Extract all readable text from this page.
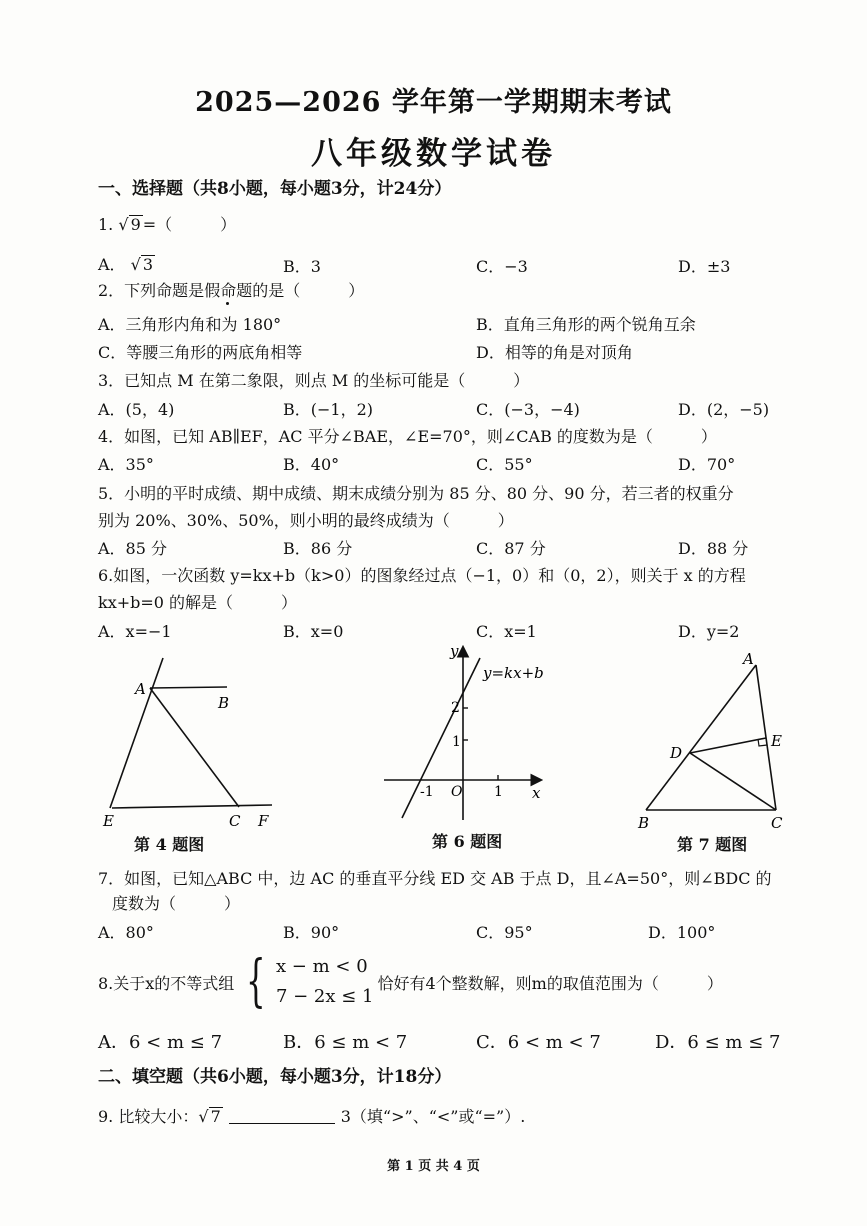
2025—2026 学年第一学期期末考试
八年级数学试卷
一、选择题（共8小题，每小题3分，计24分）
1. √ 9 =（　　　）
A． √ 3	B．3	C．−3	D．±3
2．下列命题是假命题的是（　　　）
A．三角形内角和为 180°	B．直角三角形的两个锐角互余
C．等腰三角形的两底角相等	D．相等的角是对顶角
3．已知点 M 在第二象限，则点 M 的坐标可能是（　　　）
A．(5，4)	B．(−1，2)	C．(−3，−4)	D．(2，−5)
4．如图，已知 AB∥EF，AC 平分∠BAE，∠E=70°，则∠CAB 的度数为是（　　　）
A．35°	B．40°	C．55°	D．70°
5．小明的平时成绩、期中成绩、期末成绩分别为 85 分、80 分、90 分，若三者的权重分
别为 20%、30%、50%，则小明的最终成绩为（　　　）
A．85 分	B．86 分	C．87 分	D．88 分
6.如图，一次函数 y=kx+b（k>0）的图象经过点（−1，0）和（0，2），则关于 x 的方程
kx+b=0 的解是（　　　）
A．x=−1	B．x=0	C．x=1	D．y=2
A
B
E	C F
第 4 题图
y
x
y=kx+b
2
1
-1 O 1
第 6 题图
A
D
E
B	C
第 7 题图
7．如图，已知△ABC 中，边 AC 的垂直平分线 ED 交 AB 于点 D，且∠A=50°，则∠BDC 的
度数为（　　　）
A．80°	B．90°	C．95°	D．100°
8.关于x的不等式组 { x − m < 0
7 − 2x ≤ 1
恰好有4个整数解，则m的取值范围为（　　　）
A．6 < m ≤ 7	B．6 ≤ m < 7	C．6 < m < 7	D．6 ≤ m ≤ 7
二、填空题（共6小题，每小题3分，计18分）
9. 比较大小：√ 7	3（填“>”、“<”或“=”）.
第 1 页 共 4 页
